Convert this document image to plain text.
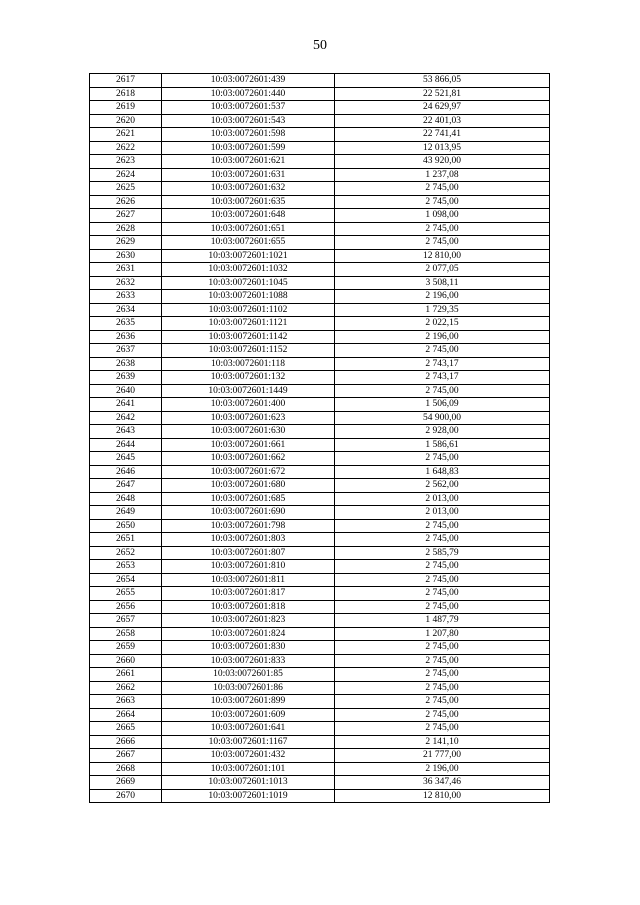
50
2617	10:03:0072601:439	53 866,05
2618	10:03:0072601:440	22 521,81
2619	10:03:0072601:537	24 629,97
2620	10:03:0072601:543	22 401,03
2621	10:03:0072601:598	22 741,41
2622	10:03:0072601:599	12 013,95
2623	10:03:0072601:621	43 920,00
2624	10:03:0072601:631	1 237,08
2625	10:03:0072601:632	2 745,00
2626	10:03:0072601:635	2 745,00
2627	10:03:0072601:648	1 098,00
2628	10:03:0072601:651	2 745,00
2629	10:03:0072601:655	2 745,00
2630	10:03:0072601:1021	12 810,00
2631	10:03:0072601:1032	2 077,05
2632	10:03:0072601:1045	3 508,11
2633	10:03:0072601:1088	2 196,00
2634	10:03:0072601:1102	1 729,35
2635	10:03:0072601:1121	2 022,15
2636	10:03:0072601:1142	2 196,00
2637	10:03:0072601:1152	2 745,00
2638	10:03:0072601:118	2 743,17
2639	10:03:0072601:132	2 743,17
2640	10:03:0072601:1449	2 745,00
2641	10:03:0072601:400	1 506,09
2642	10:03:0072601:623	54 900,00
2643	10:03:0072601:630	2 928,00
2644	10:03:0072601:661	1 586,61
2645	10:03:0072601:662	2 745,00
2646	10:03:0072601:672	1 648,83
2647	10:03:0072601:680	2 562,00
2648	10:03:0072601:685	2 013,00
2649	10:03:0072601:690	2 013,00
2650	10:03:0072601:798	2 745,00
2651	10:03:0072601:803	2 745,00
2652	10:03:0072601:807	2 585,79
2653	10:03:0072601:810	2 745,00
2654	10:03:0072601:811	2 745,00
2655	10:03:0072601:817	2 745,00
2656	10:03:0072601:818	2 745,00
2657	10:03:0072601:823	1 487,79
2658	10:03:0072601:824	1 207,80
2659	10:03:0072601:830	2 745,00
2660	10:03:0072601:833	2 745,00
2661	10:03:0072601:85	2 745,00
2662	10:03:0072601:86	2 745,00
2663	10:03:0072601:899	2 745,00
2664	10:03:0072601:609	2 745,00
2665	10:03:0072601:641	2 745,00
2666	10:03:0072601:1167	2 141,10
2667	10:03:0072601:432	21 777,00
2668	10:03:0072601:101	2 196,00
2669	10:03:0072601:1013	36 347,46
2670	10:03:0072601:1019	12 810,00
